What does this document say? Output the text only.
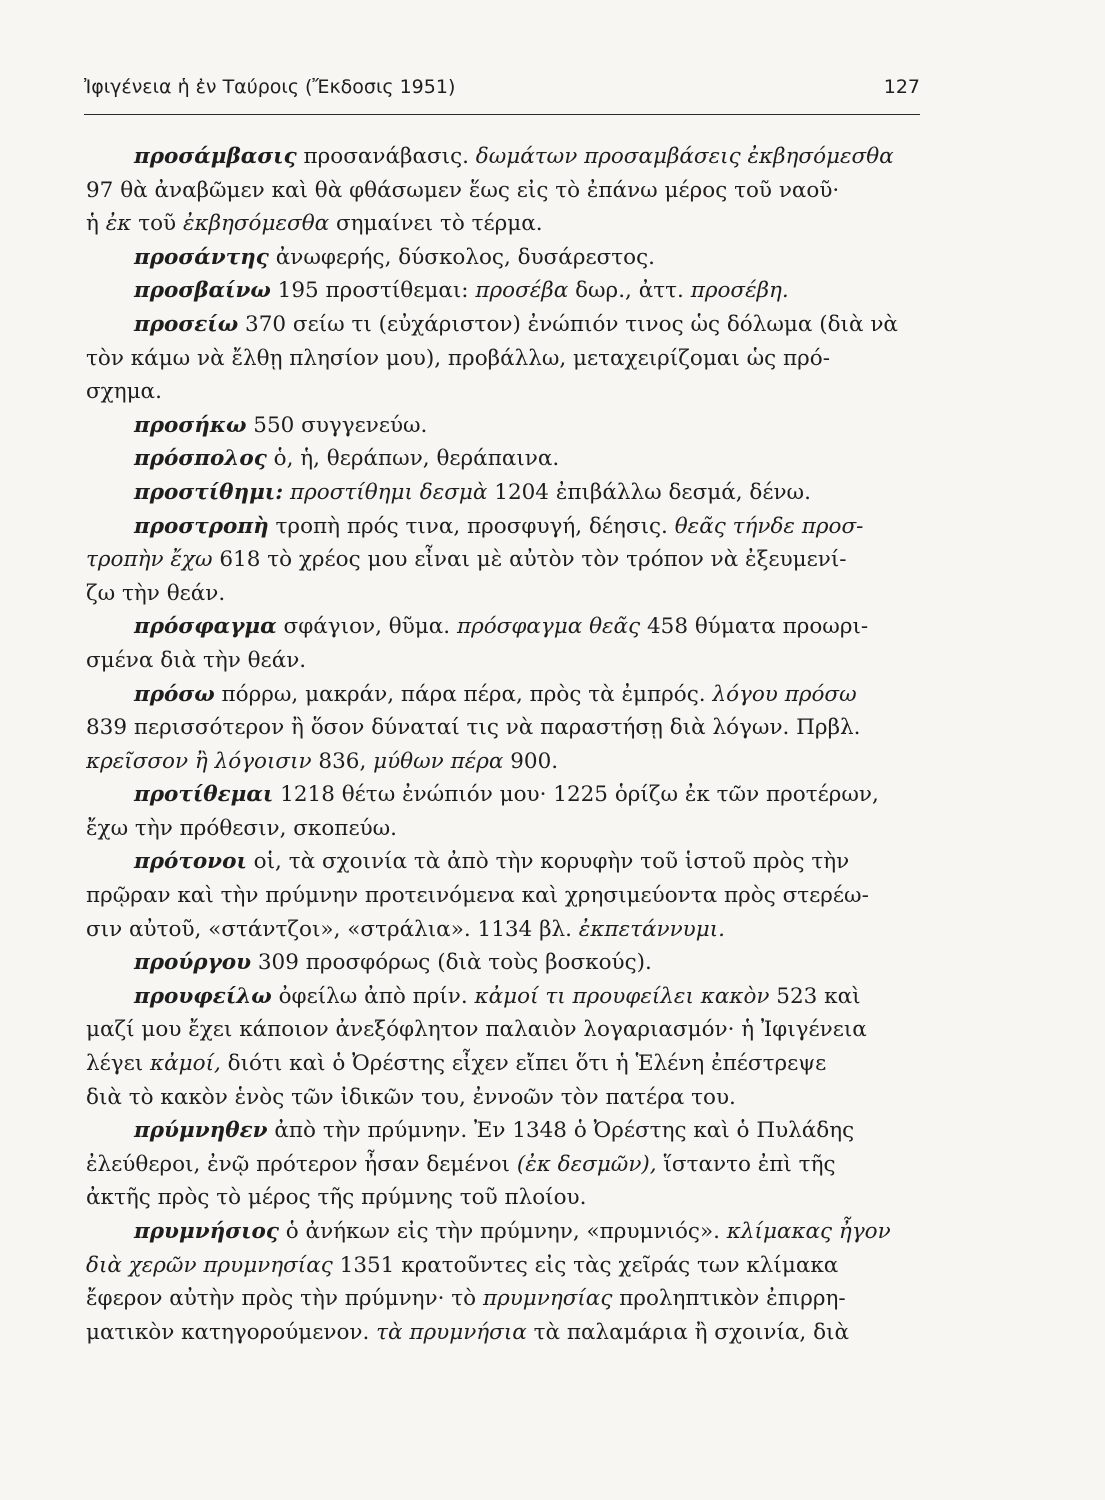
Ἰφιγένεια ἡ ἐν Ταύροις (Ἔκδοσις 1951)	127
προσάμβασις προσανάβασις. δωμάτων προσαμβάσεις ἐκβησόμεσθα
97 θὰ ἀναβῶμεν καὶ θὰ φθάσωμεν ἕως εἰς τὸ ἐπάνω μέρος τοῦ ναοῦ·
ἡ ἐκ τοῦ ἐκβησόμεσθα σημαίνει τὸ τέρμα.
προσάντης ἀνωφερής, δύσκολος, δυσάρεστος.
προσβαίνω 195 προστίθεμαι: προσέβα δωρ., ἀττ. προσέβη.
προσείω 370 σείω τι (εὐχάριστον) ἐνώπιόν τινος ὡς δόλωμα (διὰ νὰ
τὸν κάμω νὰ ἔλθῃ πλησίον μου), προβάλλω, μεταχειρίζομαι ὡς πρό-
σχημα.
προσήκω 550 συγγενεύω.
πρόσπολος ὁ, ἡ, θεράπων, θεράπαινα.
προστίθημι: προστίθημι δεσμὰ 1204 ἐπιβάλλω δεσμά, δένω.
προστροπὴ τροπὴ πρός τινα, προσφυγή, δέησις. θεᾶς τήνδε προσ-
τροπὴν ἔχω 618 τὸ χρέος μου εἶναι μὲ αὐτὸν τὸν τρόπον νὰ ἐξευμενί-
ζω τὴν θεάν.
πρόσφαγμα σφάγιον, θῦμα. πρόσφαγμα θεᾶς 458 θύματα προωρι-
σμένα διὰ τὴν θεάν.
πρόσω πόρρω, μακράν, πάρα πέρα, πρὸς τὰ ἐμπρός. λόγου πρόσω
839 περισσότερον ἢ ὅσον δύναταί τις νὰ παραστήσῃ διὰ λόγων. Πρβλ.
κρεῖσσον ἢ λόγοισιν 836, μύθων πέρα 900.
προτίθεμαι 1218 θέτω ἐνώπιόν μου· 1225 ὁρίζω ἐκ τῶν προτέρων,
ἔχω τὴν πρόθεσιν, σκοπεύω.
πρότονοι οἱ, τὰ σχοινία τὰ ἀπὸ τὴν κορυφὴν τοῦ ἱστοῦ πρὸς τὴν
πρῷραν καὶ τὴν πρύμνην προτεινόμενα καὶ χρησιμεύοντα πρὸς στερέω-
σιν αὐτοῦ, «στάντζοι», «στράλια». 1134 βλ. ἐκπετάννυμι.
προύργου 309 προσφόρως (διὰ τοὺς βοσκούς).
προυφείλω ὀφείλω ἀπὸ πρίν. κἀμοί τι προυφείλει κακὸν 523 καὶ
μαζί μου ἔχει κάποιον ἀνεξόφλητον παλαιὸν λογαριασμόν· ἡ Ἰφιγένεια
λέγει κἀμοί, διότι καὶ ὁ Ὀρέστης εἶχεν εἴπει ὅτι ἡ Ἑλένη ἐπέστρεψε
διὰ τὸ κακὸν ἑνὸς τῶν ἰδικῶν του, ἐννοῶν τὸν πατέρα του.
πρύμνηθεν ἀπὸ τὴν πρύμνην. Ἐν 1348 ὁ Ὀρέστης καὶ ὁ Πυλάδης
ἐλεύθεροι, ἐνῷ πρότερον ἦσαν δεμένοι (ἐκ δεσμῶν), ἵσταντο ἐπὶ τῆς
ἀκτῆς πρὸς τὸ μέρος τῆς πρύμνης τοῦ πλοίου.
πρυμνήσιος ὁ ἀνήκων εἰς τὴν πρύμνην, «πρυμνιός». κλίμακας ἦγον
διὰ χερῶν πρυμνησίας 1351 κρατοῦντες εἰς τὰς χεῖράς των κλίμακα
ἔφερον αὐτὴν πρὸς τὴν πρύμνην· τὸ πρυμνησίας προληπτικὸν ἐπιρρη-
ματικὸν κατηγορούμενον. τὰ πρυμνήσια τὰ παλαμάρια ἢ σχοινία, διὰ
